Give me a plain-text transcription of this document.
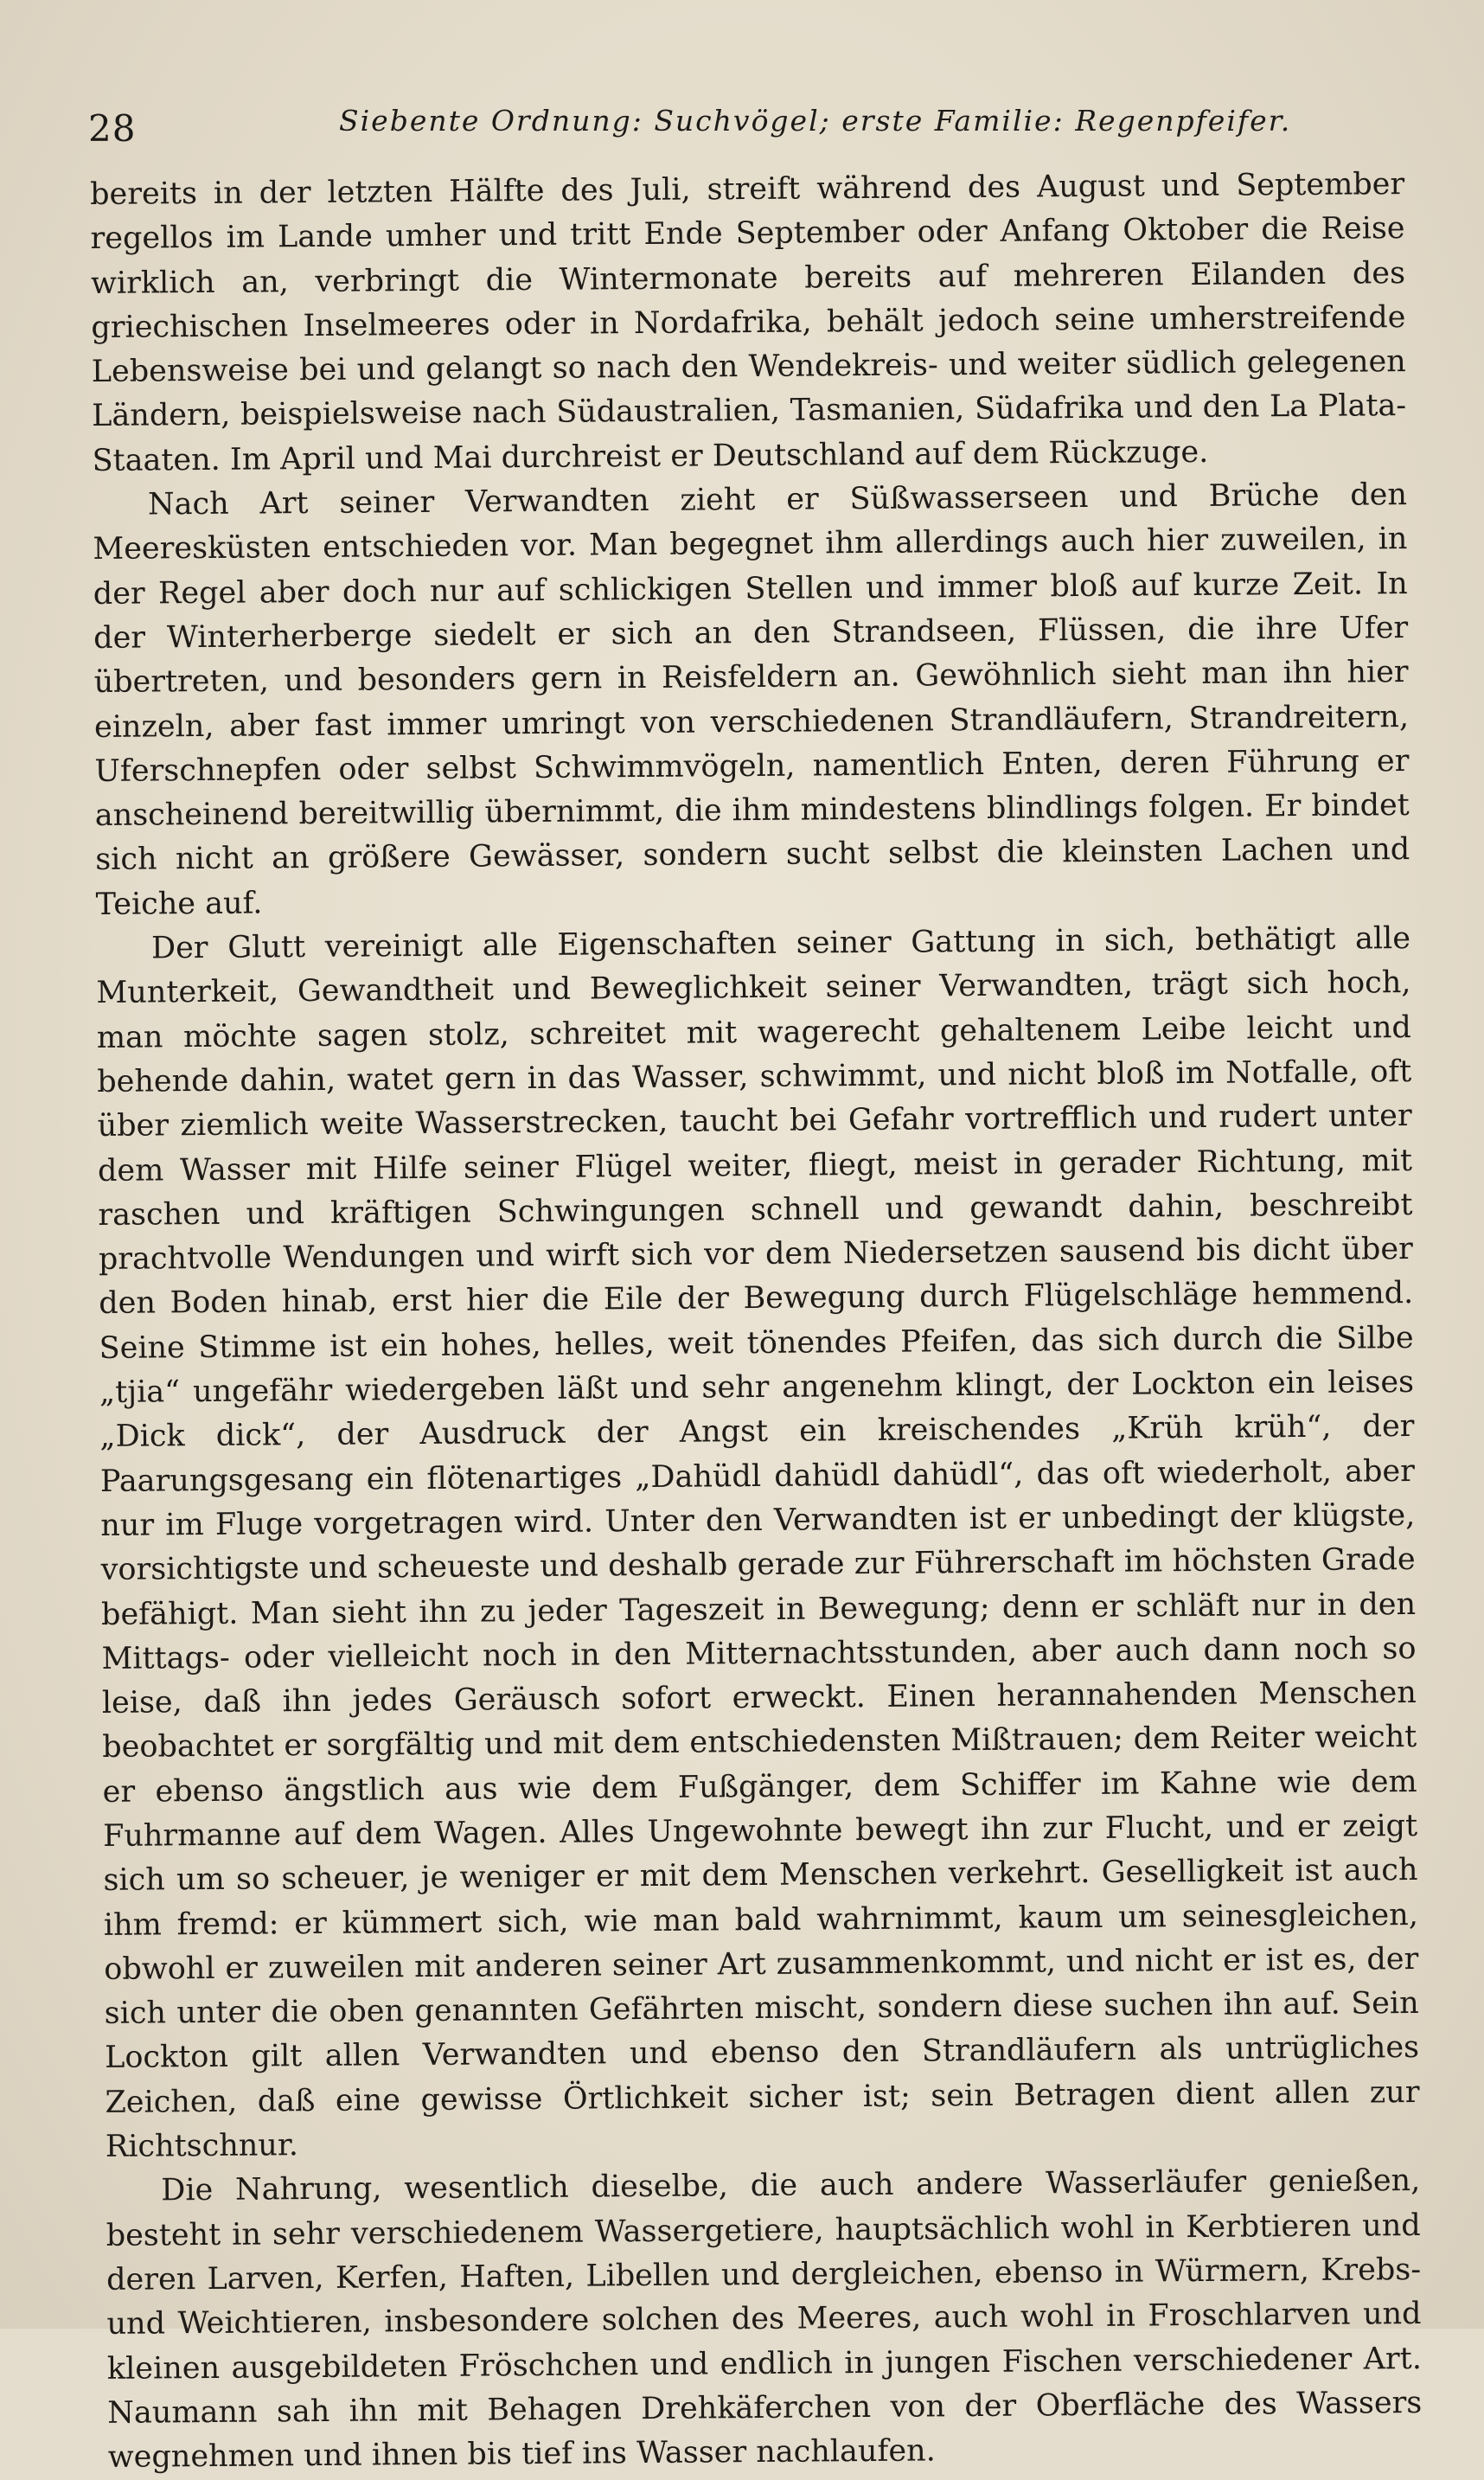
28	Siebente Ordnung: Suchvögel; erste Familie: Regenpfeifer.

bereits in der letzten Hälfte des Juli, streift während des August und September regellos im Lande umher und tritt Ende September oder Anfang Oktober die Reise wirklich an, verbringt die Wintermonate bereits auf mehreren Eilanden des griechischen Inselmeeres oder in Nordafrika, behält jedoch seine umherstreifende Lebensweise bei und gelangt so nach den Wendekreis- und weiter südlich gelegenen Ländern, beispielsweise nach Südaustralien, Tasmanien, Südafrika und den La Plata-Staaten. Im April und Mai durchreist er Deutschland auf dem Rückzuge.

Nach Art seiner Verwandten zieht er Süßwasserseen und Brüche den Meeresküsten entschieden vor. Man begegnet ihm allerdings auch hier zuweilen, in der Regel aber doch nur auf schlickigen Stellen und immer bloß auf kurze Zeit. In der Winterherberge siedelt er sich an den Strandseen, Flüssen, die ihre Ufer übertreten, und besonders gern in Reisfeldern an. Gewöhnlich sieht man ihn hier einzeln, aber fast immer umringt von verschiedenen Strandläufern, Strandreitern, Uferschnepfen oder selbst Schwimmvögeln, namentlich Enten, deren Führung er anscheinend bereitwillig übernimmt, die ihm mindestens blindlings folgen. Er bindet sich nicht an größere Gewässer, sondern sucht selbst die kleinsten Lachen und Teiche auf.

Der Glutt vereinigt alle Eigenschaften seiner Gattung in sich, bethätigt alle Munterkeit, Gewandtheit und Beweglichkeit seiner Verwandten, trägt sich hoch, man möchte sagen stolz, schreitet mit wagerecht gehaltenem Leibe leicht und behende dahin, watet gern in das Wasser, schwimmt, und nicht bloß im Notfalle, oft über ziemlich weite Wasserstrecken, taucht bei Gefahr vortrefflich und rudert unter dem Wasser mit Hilfe seiner Flügel weiter, fliegt, meist in gerader Richtung, mit raschen und kräftigen Schwingungen schnell und gewandt dahin, beschreibt prachtvolle Wendungen und wirft sich vor dem Niedersetzen sausend bis dicht über den Boden hinab, erst hier die Eile der Bewegung durch Flügelschläge hemmend. Seine Stimme ist ein hohes, helles, weit tönendes Pfeifen, das sich durch die Silbe „tjia“ ungefähr wiedergeben läßt und sehr angenehm klingt, der Lockton ein leises „Dick dick“, der Ausdruck der Angst ein kreischendes „Krüh krüh“, der Paarungsgesang ein flötenartiges „Dahüdl dahüdl dahüdl“, das oft wiederholt, aber nur im Fluge vorgetragen wird. Unter den Verwandten ist er unbedingt der klügste, vorsichtigste und scheueste und deshalb gerade zur Führerschaft im höchsten Grade befähigt. Man sieht ihn zu jeder Tageszeit in Bewegung; denn er schläft nur in den Mittags- oder vielleicht noch in den Mitternachtsstunden, aber auch dann noch so leise, daß ihn jedes Geräusch sofort erweckt. Einen herannahenden Menschen beobachtet er sorgfältig und mit dem entschiedensten Mißtrauen; dem Reiter weicht er ebenso ängstlich aus wie dem Fußgänger, dem Schiffer im Kahne wie dem Fuhrmanne auf dem Wagen. Alles Ungewohnte bewegt ihn zur Flucht, und er zeigt sich um so scheuer, je weniger er mit dem Menschen verkehrt. Geselligkeit ist auch ihm fremd: er kümmert sich, wie man bald wahrnimmt, kaum um seinesgleichen, obwohl er zuweilen mit anderen seiner Art zusammenkommt, und nicht er ist es, der sich unter die oben genannten Gefährten mischt, sondern diese suchen ihn auf. Sein Lockton gilt allen Verwandten und ebenso den Strandläufern als untrügliches Zeichen, daß eine gewisse Örtlichkeit sicher ist; sein Betragen dient allen zur Richtschnur.

Die Nahrung, wesentlich dieselbe, die auch andere Wasserläufer genießen, besteht in sehr verschiedenem Wassergetiere, hauptsächlich wohl in Kerbtieren und deren Larven, Kerfen, Haften, Libellen und dergleichen, ebenso in Würmern, Krebs- und Weichtieren, insbesondere solchen des Meeres, auch wohl in Froschlarven und kleinen ausgebildeten Fröschchen und endlich in jungen Fischen verschiedener Art. Naumann sah ihn mit Behagen Drehkäferchen von der Oberfläche des Wassers wegnehmen und ihnen bis tief ins Wasser nachlaufen.
